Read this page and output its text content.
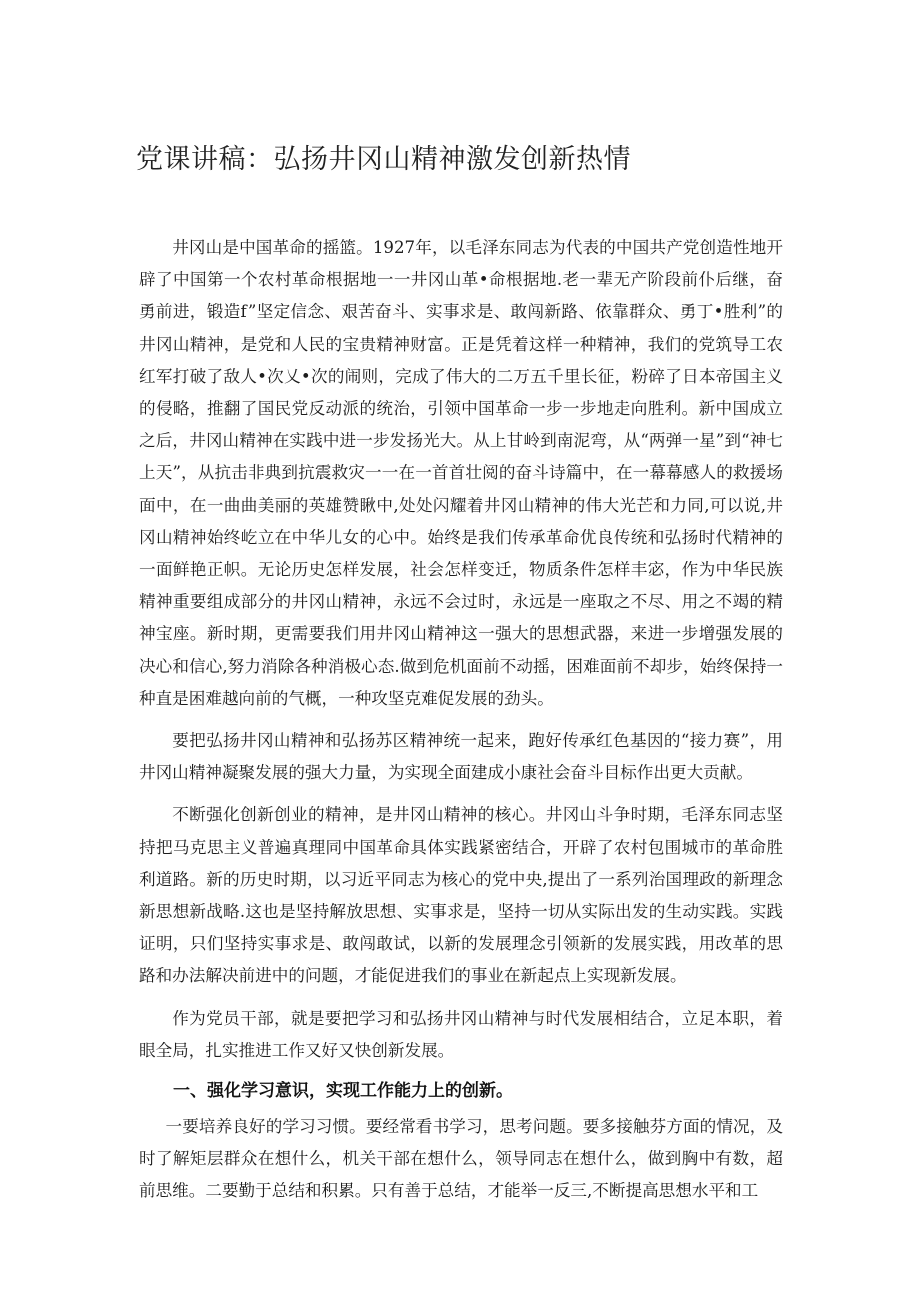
党课讲稿：弘扬井冈山精神激发创新热情

井冈山是中国革命的摇篮。1927年，以毛泽东同志为代表的中国共产党创造性地开辟了中国第一个农村革命根据地一一井冈山革•命根据地.老一辈无产阶段前仆后继，奋勇前进，锻造f”坚定信念、艰苦奋斗、实事求是、敢闯新路、依靠群众、勇丁•胜利”的井冈山精神，是党和人民的宝贵精神财富。正是凭着这样一种精神，我们的党筑导工农红军打破了敌人•次乂•次的闹则，完成了伟大的二万五千里长征，粉碎了日本帝国主义的侵略，推翻了国民党反动派的统治，引领中国革命一步一步地走向胜利。新中国成立之后，井冈山精神在实践中进一步发扬光大。从上甘岭到南泥弯，从“两弹一星”到“神七上天”，从抗击非典到抗震救灾一一在一首首壮阅的奋斗诗篇中，在一幕幕感人的救援场面中，在一曲曲美丽的英雄赞瞅中,处处闪耀着井冈山精神的伟大光芒和力同,可以说,井冈山精神始终屹立在中华儿女的心中。始终是我们传承革命优良传统和弘扬时代精神的一面鲜艳正帜。无论历史怎样发展，社会怎样变迁，物质条件怎样丰宓，作为中华民族精神重要组成部分的井冈山精神，永远不会过时，永远是一座取之不尽、用之不竭的精神宝座。新时期，更需要我们用井冈山精神这一强大的思想武器，来进一步增强发展的决心和信心,努力消除各种消极心态.做到危机面前不动摇，困难面前不却步，始终保持一种直是困难越向前的气概，一种攻坚克难促发展的劲头。

要把弘扬井冈山精神和弘扬苏区精神统一起来，跑好传承红色基因的“接力赛”，用井冈山精神凝聚发展的强大力量，为实现全面建成小康社会奋斗目标作出更大贡献。

不断强化创新创业的精神，是井冈山精神的核心。井冈山斗争时期，毛泽东同志坚持把马克思主义普遍真理同中国革命具体实践紧密结合，开辟了农村包围城市的革命胜利道路。新的历史时期，以习近平同志为核心的党中央,提出了一系列治国理政的新理念新思想新战略.这也是坚持解放思想、实事求是，坚持一切从实际出发的生动实践。实践证明，只们坚持实事求是、敢闯敢试，以新的发展理念引领新的发展实践，用改革的思路和办法解决前进中的问题，才能促进我们的事业在新起点上实现新发展。

作为党员干部，就是要把学习和弘扬井冈山精神与时代发展相结合，立足本职，着眼全局，扎实推进工作又好又快创新发展。

一、强化学习意识，实现工作能力上的创新。

一要培养良好的学习习惯。要经常看书学习，思考问题。要多接触芬方面的情况，及时了解矩层群众在想什么，机关干部在想什么，领导同志在想什么，做到胸中有数，超前思维。二要勤于总结和积累。只有善于总结，才能举一反三,不断提高思想水平和工
